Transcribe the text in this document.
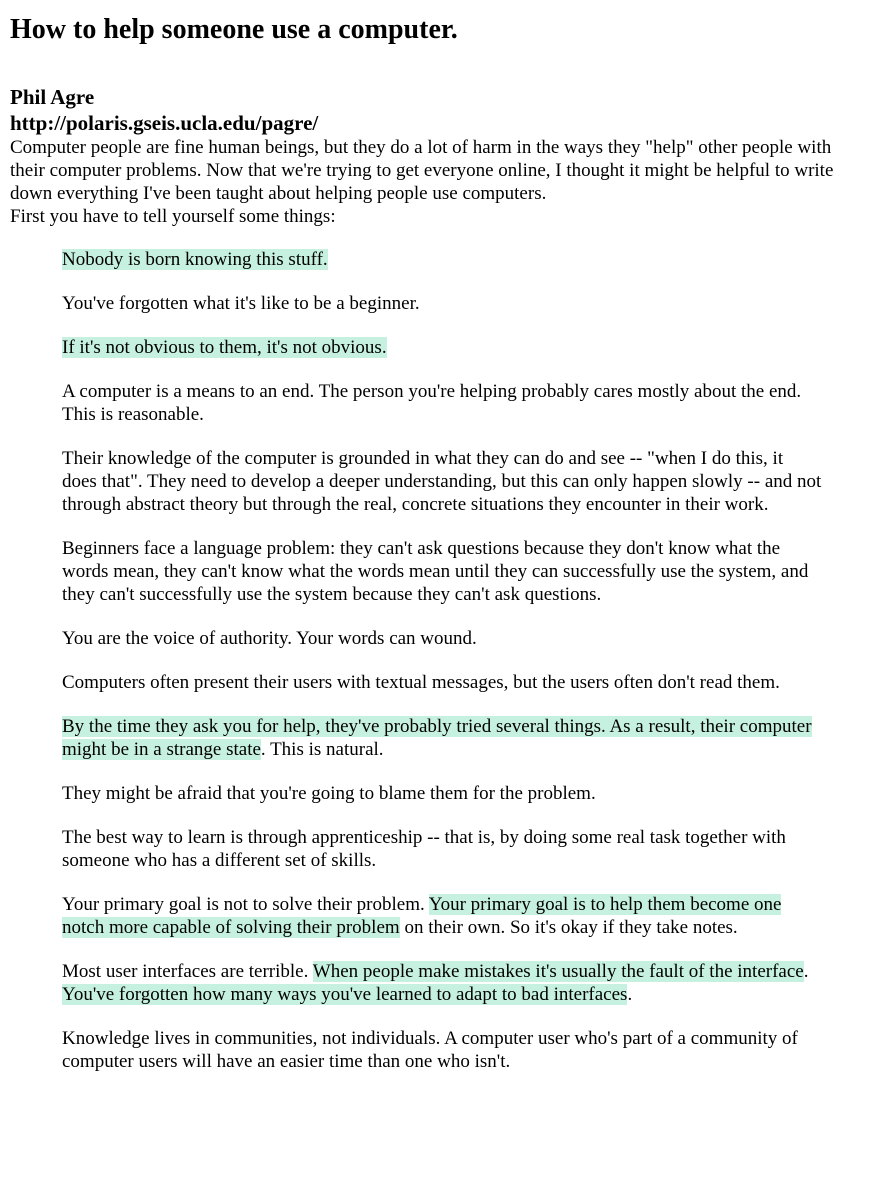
How to help someone use a computer.
Phil Agre
http://polaris.gseis.ucla.edu/pagre/

Computer people are fine human beings, but they do a lot of harm in the ways they "help" other people with their computer problems. Now that we're trying to get everyone online, I thought it might be helpful to write down everything I've been taught about helping people use computers.

First you have to tell yourself some things:

Nobody is born knowing this stuff.
You've forgotten what it's like to be a beginner.
If it's not obvious to them, it's not obvious.
A computer is a means to an end. The person you're helping probably cares mostly about the end. This is reasonable.
Their knowledge of the computer is grounded in what they can do and see -- "when I do this, it does that". They need to develop a deeper understanding, but this can only happen slowly -- and not through abstract theory but through the real, concrete situations they encounter in their work.
Beginners face a language problem: they can't ask questions because they don't know what the words mean, they can't know what the words mean until they can successfully use the system, and they can't successfully use the system because they can't ask questions.
You are the voice of authority. Your words can wound.
Computers often present their users with textual messages, but the users often don't read them.
By the time they ask you for help, they've probably tried several things. As a result, their computer might be in a strange state. This is natural.
They might be afraid that you're going to blame them for the problem.
The best way to learn is through apprenticeship -- that is, by doing some real task together with someone who has a different set of skills.
Your primary goal is not to solve their problem. Your primary goal is to help them become one notch more capable of solving their problem on their own. So it's okay if they take notes.
Most user interfaces are terrible. When people make mistakes it's usually the fault of the interface. You've forgotten how many ways you've learned to adapt to bad interfaces.
Knowledge lives in communities, not individuals. A computer user who's part of a community of computer users will have an easier time than one who isn't.
